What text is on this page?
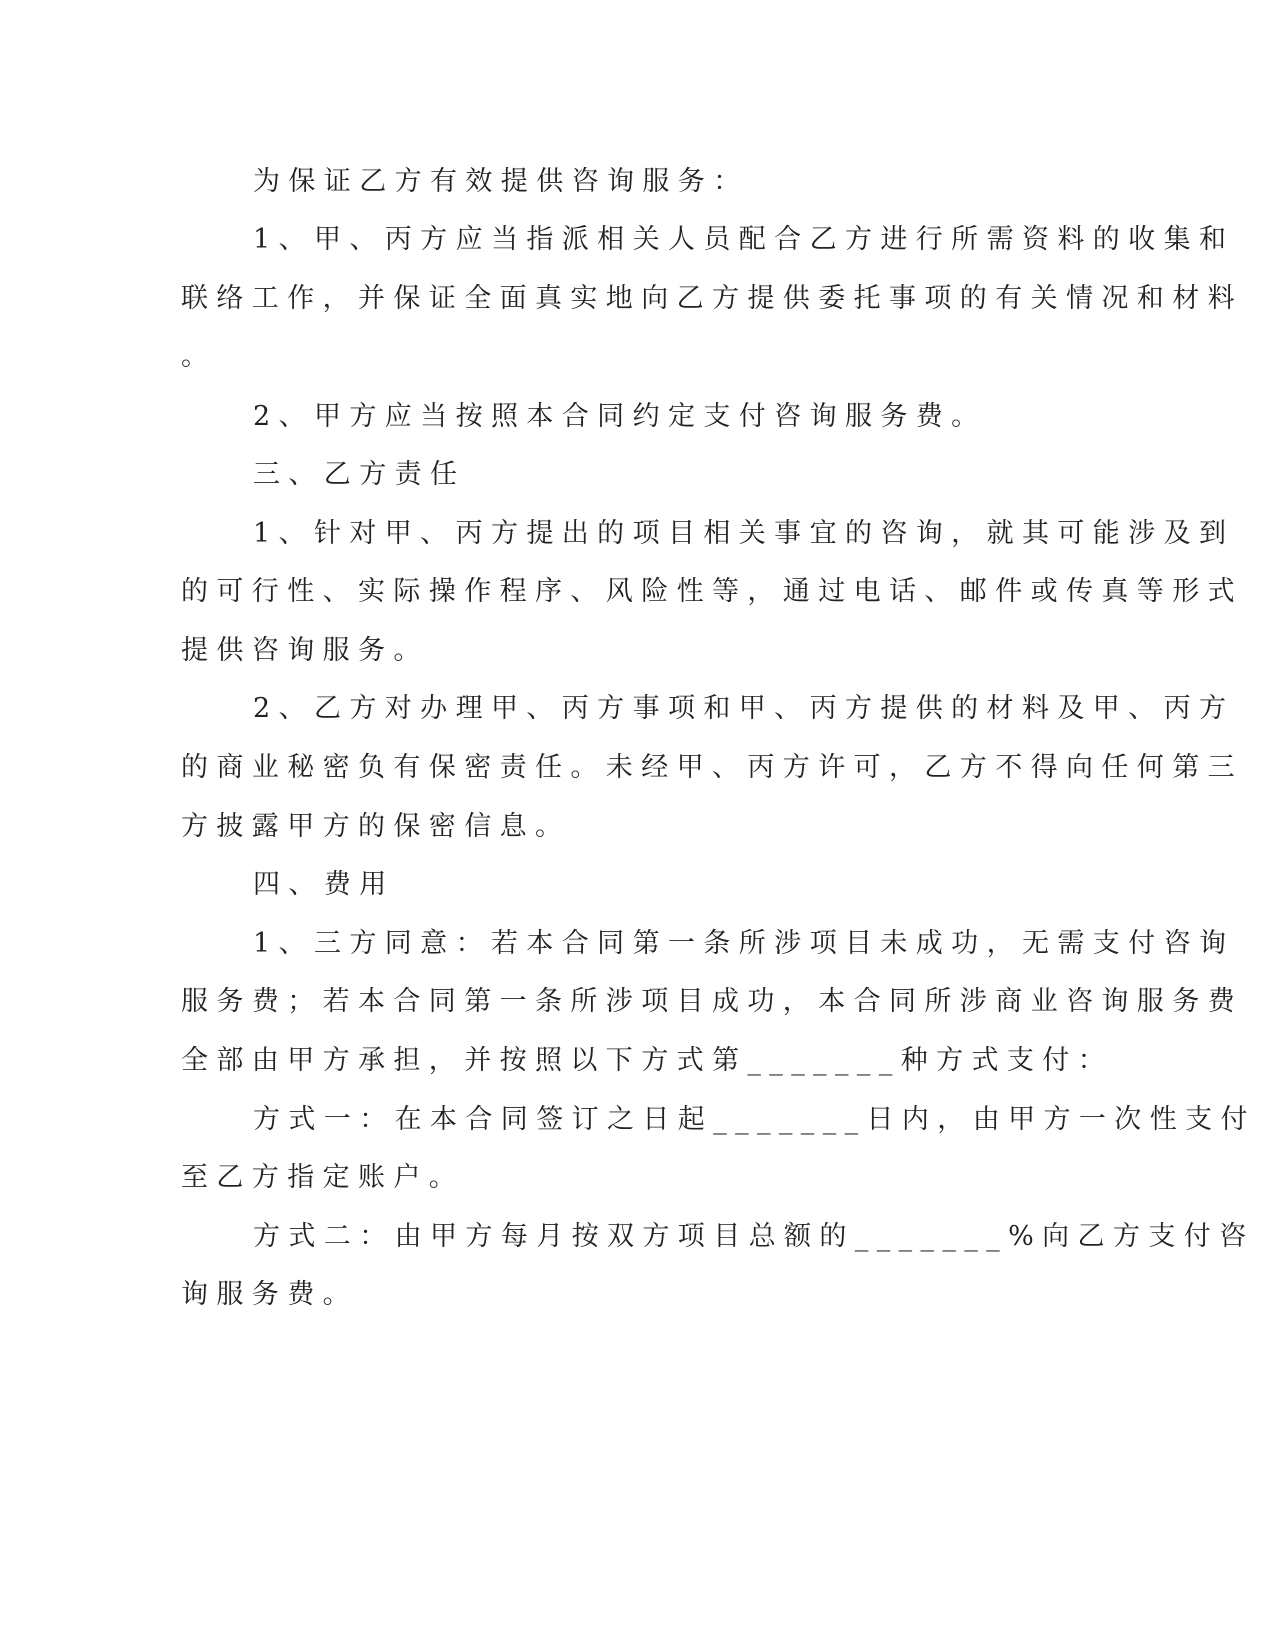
为保证乙方有效提供咨询服务：
1、甲、丙方应当指派相关人员配合乙方进行所需资料的收集和
联络工作，并保证全面真实地向乙方提供委托事项的有关情况和材料
。
2、甲方应当按照本合同约定支付咨询服务费。
三、乙方责任
1、针对甲、丙方提出的项目相关事宜的咨询，就其可能涉及到
的可行性、实际操作程序、风险性等，通过电话、邮件或传真等形式
提供咨询服务。
2、乙方对办理甲、丙方事项和甲、丙方提供的材料及甲、丙方
的商业秘密负有保密责任。未经甲、丙方许可，乙方不得向任何第三
方披露甲方的保密信息。
四、费用
1、三方同意：若本合同第一条所涉项目未成功，无需支付咨询
服务费；若本合同第一条所涉项目成功，本合同所涉商业咨询服务费
全部由甲方承担，并按照以下方式第_______种方式支付：
方式一：在本合同签订之日起_______日内，由甲方一次性支付
至乙方指定账户。
方式二：由甲方每月按双方项目总额的_______%向乙方支付咨
询服务费。
